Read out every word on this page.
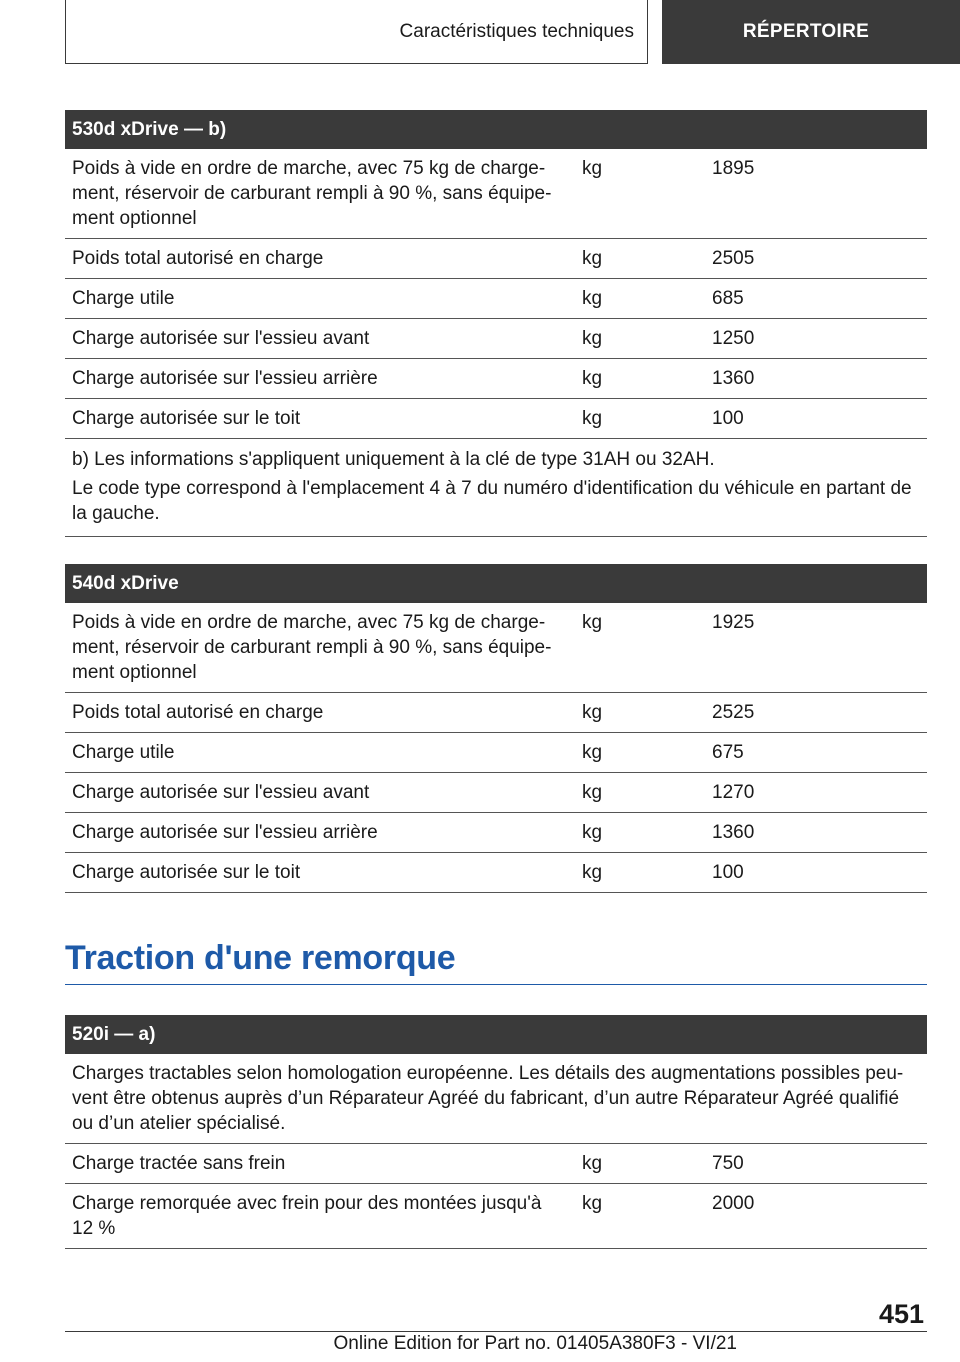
Caractéristiques techniques	RÉPERTOIRE
530d xDrive — b)
Poids à vide en ordre de marche, avec 75 kg de charge-
ment, réservoir de carburant rempli à 90 %, sans équipe-
ment optionnel
kg	1895
Poids total autorisé en charge	kg	2505
Charge utile	kg	685
Charge autorisée sur l'essieu avant	kg	1250
Charge autorisée sur l'essieu arrière	kg	1360
Charge autorisée sur le toit	kg	100

b) Les informations s'appliquent uniquement à la clé de type 31AH ou 32AH.

Le code type correspond à l'emplacement 4 à 7 du numéro d'identification du véhicule en partant de la gauche.

540d xDrive
Poids à vide en ordre de marche, avec 75 kg de charge-
ment, réservoir de carburant rempli à 90 %, sans équipe-
ment optionnel
kg	1925
Poids total autorisé en charge	kg	2525
Charge utile	kg	675
Charge autorisée sur l'essieu avant	kg	1270
Charge autorisée sur l'essieu arrière	kg	1360
Charge autorisée sur le toit	kg	100
Traction d'une remorque
520i — a)
Charges tractables selon homologation européenne. Les détails des augmentations possibles peu-vent être obtenus auprès d’un Réparateur Agréé du fabricant, d’un autre Réparateur Agréé qualifié ou d’un atelier spécialisé.
Charge tractée sans frein	kg	750
Charge remorquée avec frein pour des montées jusqu'à
12 %
kg	2000
451
Online Edition for Part no. 01405A380F3 - VI/21
